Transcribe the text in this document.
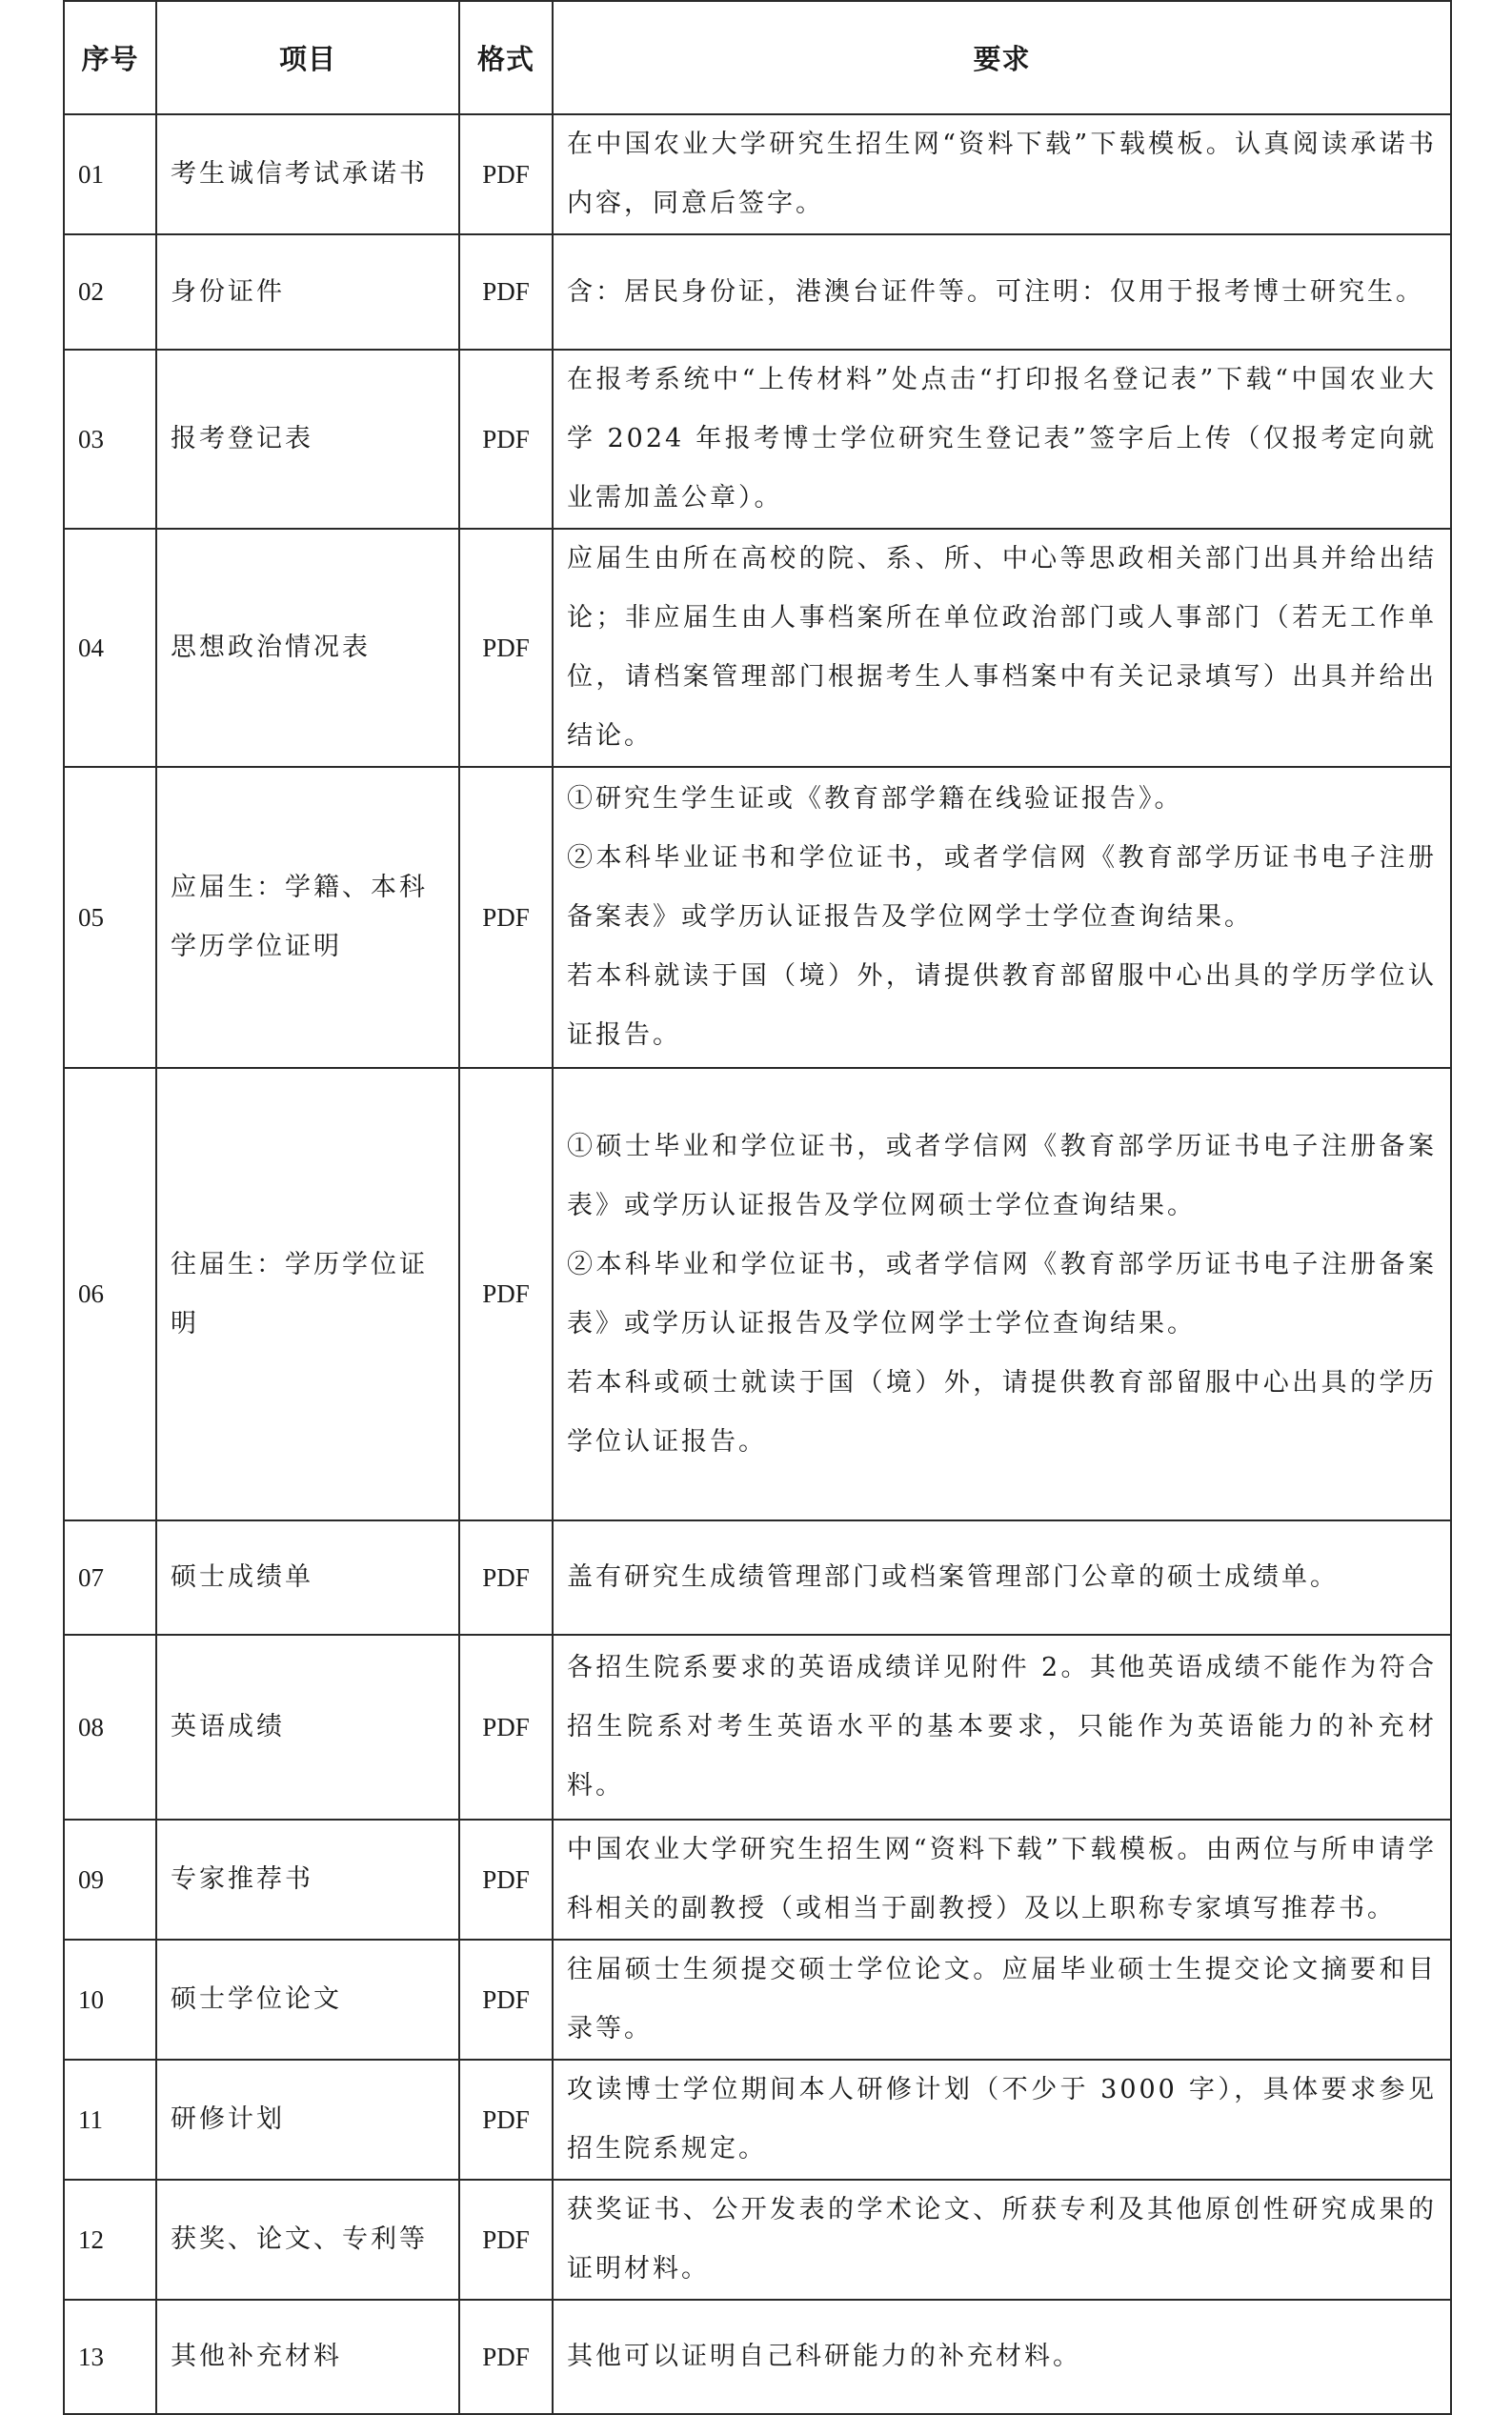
序号	项目	格式	要求
01	考生诚信考试承诺书	PDF	在中国农业大学研究生招生网“资料下载”下载模板。认真阅读承诺书内容，同意后签字。

02	身份证件	PDF	含：居民身份证，港澳台证件等。可注明：仅用于报考博士研究生。

03	报考登记表	PDF	在报考系统中“上传材料”处点击“打印报名登记表”下载“中国农业大学 2024 年报考博士学位研究生登记表”签字后上传（仅报考定向就业需加盖公章）。

04	思想政治情况表	PDF	应届生由所在高校的院、系、所、中心等思政相关部门出具并给出结论；非应届生由人事档案所在单位政治部门或人事部门（若无工作单位，请档案管理部门根据考生人事档案中有关记录填写）出具并给出结论。

05	应届生：学籍、本科学历学位证明	PDF	①研究生学生证或《教育部学籍在线验证报告》。
②本科毕业证书和学位证书，或者学信网《教育部学历证书电子注册备案表》或学历认证报告及学位网学士学位查询结果。
若本科就读于国（境）外，请提供教育部留服中心出具的学历学位认证报告。

06	往届生：学历学位证明	PDF	①硕士毕业和学位证书，或者学信网《教育部学历证书电子注册备案表》或学历认证报告及学位网硕士学位查询结果。
②本科毕业和学位证书，或者学信网《教育部学历证书电子注册备案表》或学历认证报告及学位网学士学位查询结果。
若本科或硕士就读于国（境）外，请提供教育部留服中心出具的学历学位认证报告。

07	硕士成绩单	PDF	盖有研究生成绩管理部门或档案管理部门公章的硕士成绩单。

08	英语成绩	PDF	各招生院系要求的英语成绩详见附件 2。其他英语成绩不能作为符合招生院系对考生英语水平的基本要求，只能作为英语能力的补充材料。

09	专家推荐书	PDF	中国农业大学研究生招生网“资料下载”下载模板。由两位与所申请学科相关的副教授（或相当于副教授）及以上职称专家填写推荐书。

10	硕士学位论文	PDF	往届硕士生须提交硕士学位论文。应届毕业硕士生提交论文摘要和目录等。

11	研修计划	PDF	攻读博士学位期间本人研修计划（不少于 3000 字），具体要求参见招生院系规定。

12	获奖、论文、专利等	PDF	获奖证书、公开发表的学术论文、所获专利及其他原创性研究成果的证明材料。

13	其他补充材料	PDF	其他可以证明自己科研能力的补充材料。
